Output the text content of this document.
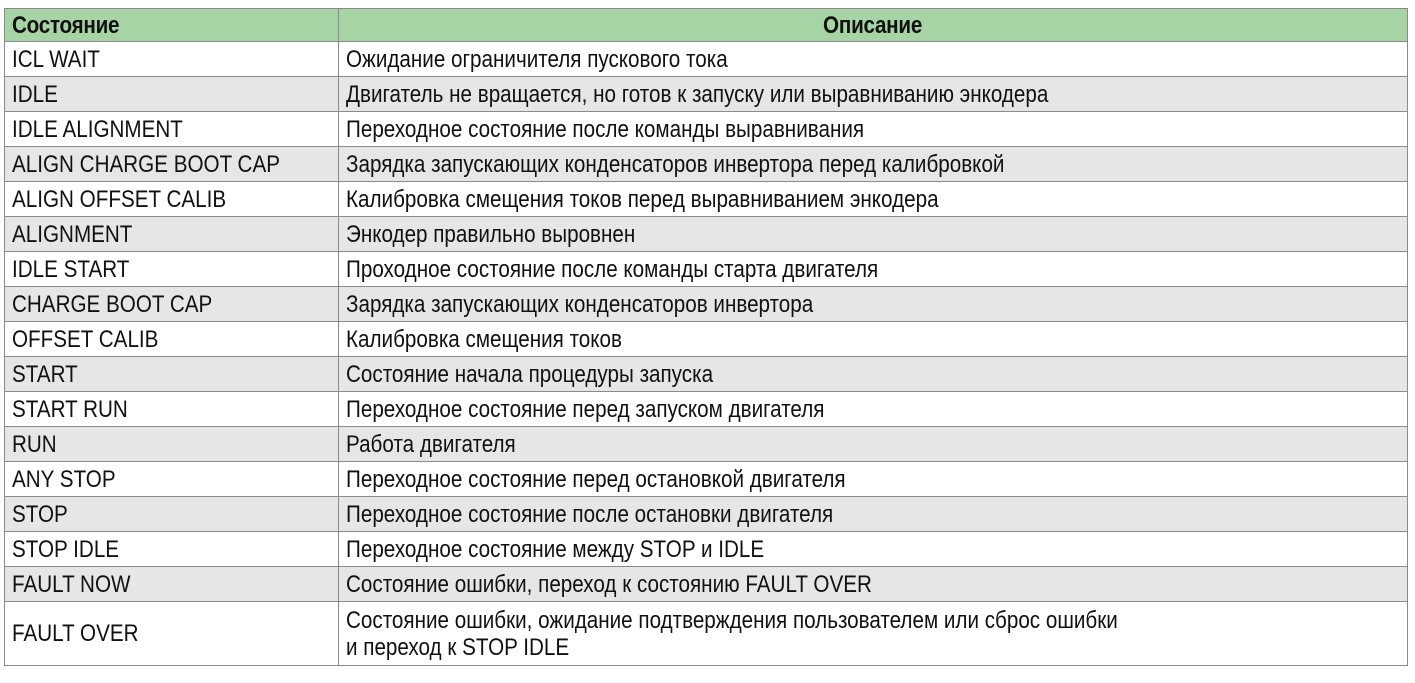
Состояние	Описание
ICL WAIT	Ожидание ограничителя пускового тока

IDLE	Двигатель не вращается, но готов к запуску или выравниванию энкодера

IDLE ALIGNMENT	Переходное состояние после команды выравнивания

ALIGN CHARGE BOOT CAP	Зарядка запускающих конденсаторов инвертора перед калибровкой

ALIGN OFFSET CALIB	Калибровка смещения токов перед выравниванием энкодера

ALIGNMENT	Энкодер правильно выровнен

IDLE START	Проходное состояние после команды старта двигателя

CHARGE BOOT CAP	Зарядка запускающих конденсаторов инвертора

OFFSET CALIB	Калибровка смещения токов

START	Состояние начала процедуры запуска

START RUN	Переходное состояние перед запуском двигателя

RUN	Работа двигателя

ANY STOP	Переходное состояние перед остановкой двигателя

STOP	Переходное состояние после остановки двигателя

STOP IDLE	Переходное состояние между STOP и IDLE

FAULT NOW	Состояние ошибки, переход к состоянию FAULT OVER

FAULT OVER	Состояние ошибки, ожидание подтверждения пользователем или сброс ошибки
и переход к STOP IDLE
